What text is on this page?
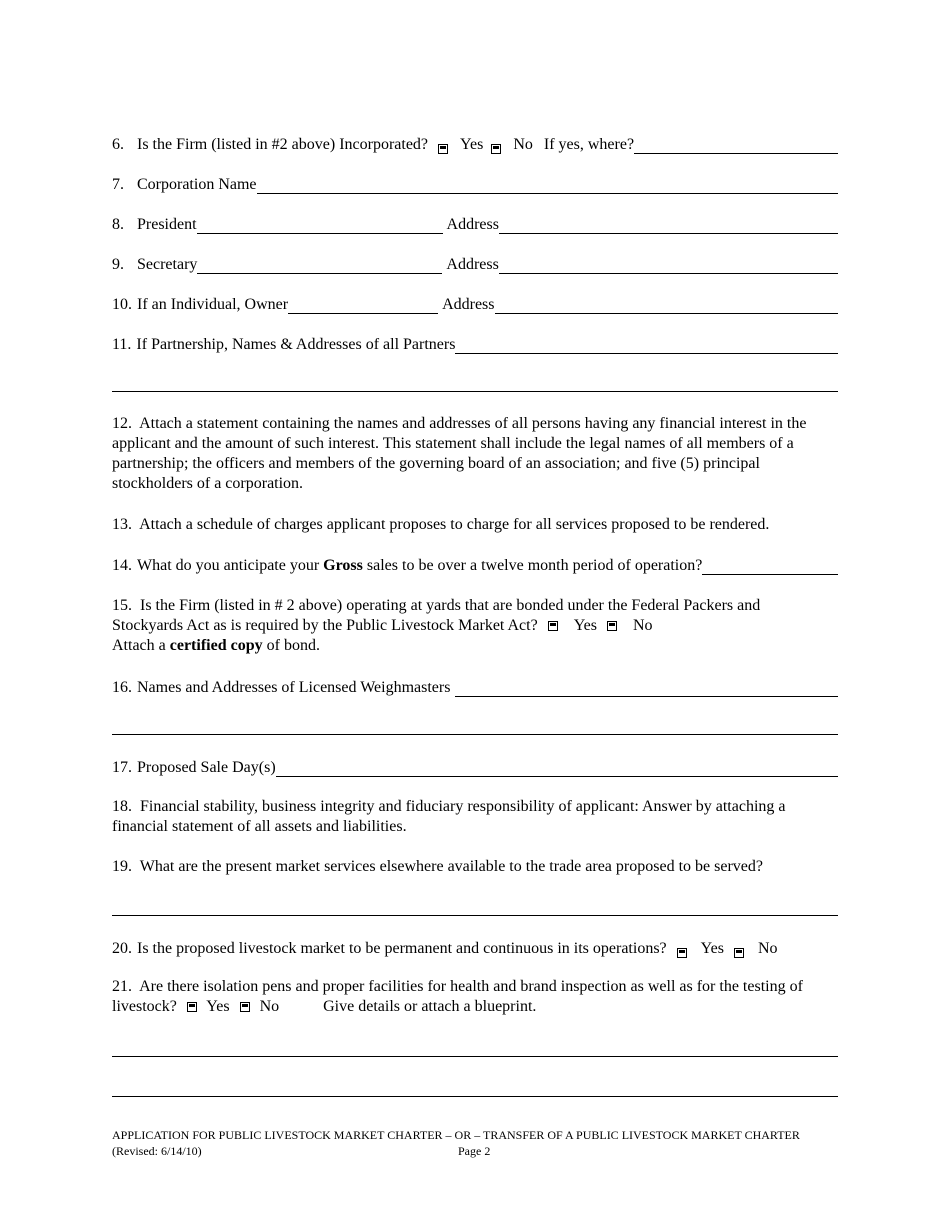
6. Is the Firm (listed in #2 above) Incorporated? Yes No If yes, where?
7. Corporation Name
8. President	Address
9. Secretary	Address
10. If an Individual, Owner	Address
11. If Partnership, Names & Addresses of all Partners
12. Attach a statement containing the names and addresses of all persons having any financial interest in the applicant and the amount of such interest. This statement shall include the legal names of all members of a partnership; the officers and members of the governing board of an association; and five (5) principal stockholders of a corporation.
13. Attach a schedule of charges applicant proposes to charge for all services proposed to be rendered.
14. What do you anticipate your Gross sales to be over a twelve month period of operation?
15. Is the Firm (listed in # 2 above) operating at yards that are bonded under the Federal Packers and Stockyards Act as is required by the Public Livestock Market Act? Yes No
Attach a certified copy of bond.
16. Names and Addresses of Licensed Weighmasters
17. Proposed Sale Day(s)
18. Financial stability, business integrity and fiduciary responsibility of applicant: Answer by attaching a financial statement of all assets and liabilities.
19. What are the present market services elsewhere available to the trade area proposed to be served?
20. Is the proposed livestock market to be permanent and continuous in its operations? Yes No
21. Are there isolation pens and proper facilities for health and brand inspection as well as for the testing of
livestock? Yes No	Give details or attach a blueprint.
APPLICATION FOR PUBLIC LIVESTOCK MARKET CHARTER – OR – TRANSFER OF A PUBLIC LIVESTOCK MARKET CHARTER
(Revised: 6/14/10)	Page 2
